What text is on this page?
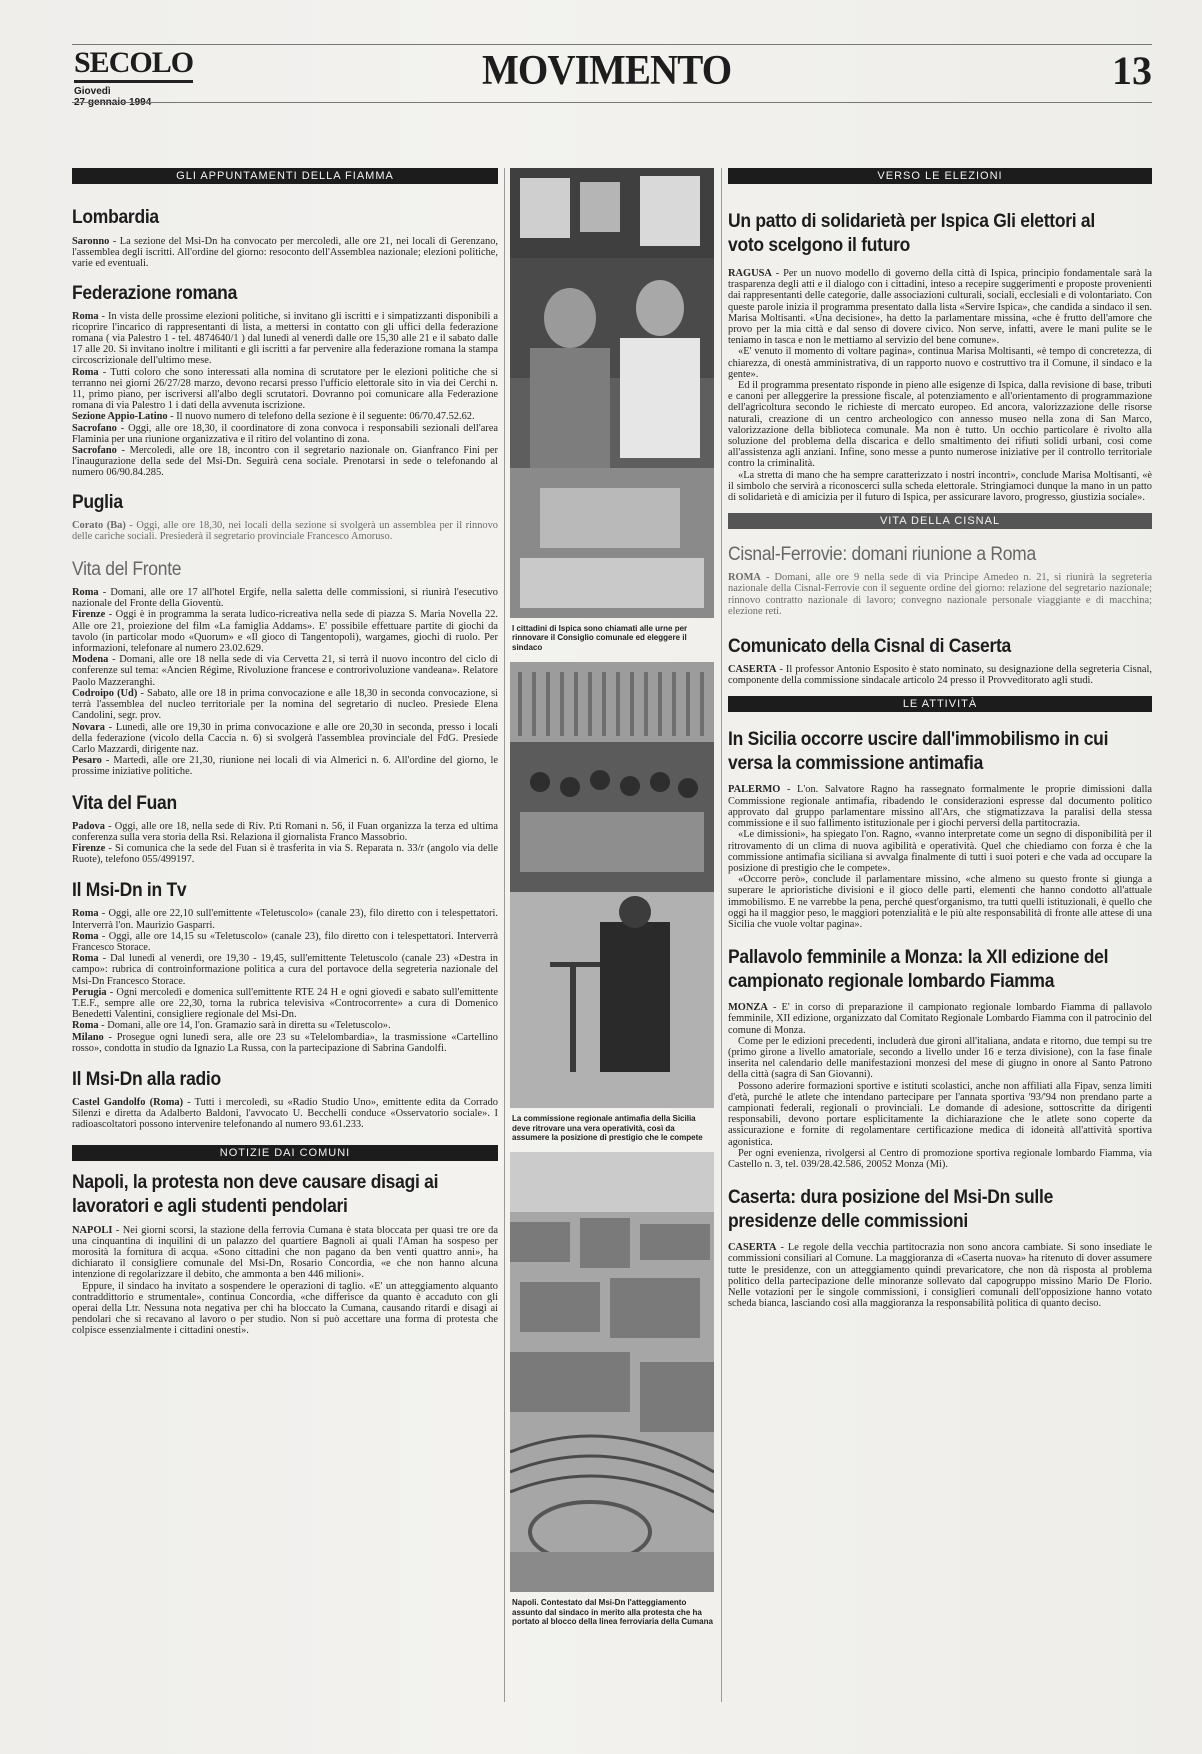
SECOLO
Giovedì	MOVIMENTO	13
GLI APPUNTAMENTI DELLA FIAMMA
Lombardia

Saronno - La sezione del Msi-Dn ha convocato per mercoledì, alle ore 21, nei locali di Gerenzano, l'assemblea degli iscritti. All'ordine del giorno: resoconto dell'Assemblea nazionale; elezioni politiche, varie ed eventuali.

Federazione romana

Roma - In vista delle prossime elezioni politiche, si invitano gli iscritti e i simpatizzanti disponibili a ricoprire l'incarico di rappresentanti di lista, a mettersi in contatto con gli uffici della federazione romana ( via Palestro 1 - tel. 4874640/1 ) dal lunedì al venerdì dalle ore 15,30 alle 21 e il sabato dalle 17 alle 20. Si invitano inoltre i militanti e gli iscritti a far pervenire alla federazione romana la stampa circoscrizionale dell'ultimo mese.

Roma - Tutti coloro che sono interessati alla nomina di scrutatore per le elezioni politiche che si terranno nei giorni 26/27/28 marzo, devono recarsi presso l'ufficio elettorale sito in via dei Cerchi n. 11, primo piano, per iscriversi all'albo degli scrutatori. Dovranno poi comunicare alla Federazione romana di via Palestro 1 i dati della avvenuta iscrizione.

Sezione Appio-Latino - Il nuovo numero di telefono della sezione è il seguente: 06/70.47.52.62.

Sacrofano - Oggi, alle ore 18,30, il coordinatore di zona convoca i responsabili sezionali dell'area Flaminia per una riunione organizzativa e il ritiro del volantino di zona.

Sacrofano - Mercoledì, alle ore 18, incontro con il segretario nazionale on. Gianfranco Fini per l'inaugurazione della sede del Msi-Dn. Seguirà cena sociale. Prenotarsi in sede o telefonando al numero 06/90.84.285.

Puglia

Corato (Ba) - Oggi, alle ore 18,30, nei locali della sezione si svolgerà un assemblea per il rinnovo delle cariche sociali. Presiederà il segretario provinciale Francesco Amoruso.

Vita del Fronte

Roma - Domani, alle ore 17 all'hotel Ergife, nella saletta delle commissioni, si riunirà l'esecutivo nazionale del Fronte della Gioventù.

Firenze - Oggi è in programma la serata ludico-ricreativa nella sede di piazza S. Maria Novella 22. Alle ore 21, proiezione del film «La famiglia Addams». E' possibile effettuare partite di giochi da tavolo (in particolar modo «Quorum» e «Il gioco di Tangentopoli), wargames, giochi di ruolo. Per informazioni, telefonare al numero 23.02.629.

Modena - Domani, alle ore 18 nella sede di via Cervetta 21, si terrà il nuovo incontro del ciclo di conferenze sul tema: «Ancien Régime, Rivoluzione francese e controrivoluzione vandeana». Relatore Paolo Mazzeranghi.

Codroipo (Ud) - Sabato, alle ore 18 in prima convocazione e alle 18,30 in seconda convocazione, si terrà l'assemblea del nucleo territoriale per la nomina del segretario di nucleo. Presiede Elena Candolini, segr. prov.

Novara - Lunedì, alle ore 19,30 in prima convocazione e alle ore 20,30 in seconda, presso i locali della federazione (vicolo della Caccia n. 6) si svolgerà l'assemblea provinciale del FdG. Presiede Carlo Mazzardi, dirigente naz.

Pesaro - Martedì, alle ore 21,30, riunione nei locali di via Almerici n. 6. All'ordine del giorno, le prossime iniziative politiche.

Vita del Fuan

Padova - Oggi, alle ore 18, nella sede di Riv. P.ti Romani n. 56, il Fuan organizza la terza ed ultima conferenza sulla vera storia della Rsi. Relaziona il giornalista Franco Massobrio.

Firenze - Si comunica che la sede del Fuan si è trasferita in via S. Reparata n. 33/r (angolo via delle Ruote), telefono 055/499197.

Il Msi-Dn in Tv

Roma - Oggi, alle ore 22,10 sull'emittente «Teletuscolo» (canale 23), filo diretto con i telespettatori. Interverrà l'on. Maurizio Gasparri.

Roma - Oggi, alle ore 14,15 su «Teletuscolo» (canale 23), filo diretto con i telespettatori. Interverrà Francesco Storace.

Roma - Dal lunedì al venerdì, ore 19,30 - 19,45, sull'emittente Teletuscolo (canale 23) «Destra in campo»: rubrica di controinformazione politica a cura del portavoce della segreteria nazionale del Msi-Dn Francesco Storace.

Perugia - Ogni mercoledì e domenica sull'emittente RTE 24 H e ogni giovedì e sabato sull'emittente T.E.F., sempre alle ore 22,30, torna la rubrica televisiva «Controcorrente» a cura di Domenico Benedetti Valentini, consigliere regionale del Msi-Dn.

Roma - Domani, alle ore 14, l'on. Gramazio sarà in diretta su «Teletuscolo».

Milano - Prosegue ogni lunedì sera, alle ore 23 su «Telelombardia», la trasmissione «Cartellino rosso», condotta in studio da Ignazio La Russa, con la partecipazione di Sabrina Gandolfi.

Il Msi-Dn alla radio

Castel Gandolfo (Roma) - Tutti i mercoledì, su «Radio Studio Uno», emittente edita da Corrado Silenzi e diretta da Adalberto Baldoni, l'avvocato U. Becchelli conduce «Osservatorio sociale». I radioascoltatori possono intervenire telefonando al numero 93.61.233.

NOTIZIE DAI COMUNI
Napoli, la protesta non deve causare disagi ai lavoratori e agli studenti pendolari

NAPOLI - Nei giorni scorsi, la stazione della ferrovia Cumana è stata bloccata per quasi tre ore da una cinquantina di inquilini di un palazzo del quartiere Bagnoli ai quali l'Aman ha sospeso per morosità la fornitura di acqua. «Sono cittadini che non pagano da ben venti quattro anni», ha dichiarato il consigliere comunale del Msi-Dn, Rosario Concordia, «e che non hanno alcuna intenzione di regolarizzare il debito, che ammonta a ben 446 milioni».

Eppure, il sindaco ha invitato a sospendere le operazioni di taglio. «E' un atteggiamento alquanto contraddittorio e strumentale», continua Concordia, «che differisce da quanto è accaduto con gli operai della Ltr. Nessuna nota negativa per chi ha bloccato la Cumana, causando ritardi e disagi ai pendolari che si recavano al lavoro o per studio. Non si può accettare una forma di protesta che colpisce essenzialmente i cittadini onesti».

I cittadini di Ispica sono chiamati alle urne per rinnovare il Consiglio comunale ed eleggere il sindaco
La commissione regionale antimafia della Sicilia deve ritrovare una vera operatività, così da assumere la posizione di prestigio che le compete
Napoli. Contestato dal Msi-Dn l'atteggiamento assunto dal sindaco in merito alla protesta che ha portato al blocco della linea ferroviaria della Cumana
VERSO LE ELEZIONI
Un patto di solidarietà per Ispica Gli elettori al voto scelgono il futuro

RAGUSA - Per un nuovo modello di governo della città di Ispica, principio fondamentale sarà la trasparenza degli atti e il dialogo con i cittadini, inteso a recepire suggerimenti e proposte provenienti dai rappresentanti delle categorie, dalle associazioni culturali, sociali, ecclesiali e di volontariato. Con queste parole inizia il programma presentato dalla lista «Servire Ispica», che candida a sindaco il sen. Marisa Moltisanti. «Una decisione», ha detto la parlamentare missina, «che è frutto dell'amore che provo per la mia città e dal senso di dovere civico. Non serve, infatti, avere le mani pulite se le teniamo in tasca e non le mettiamo al servizio del bene comune».

«E' venuto il momento di voltare pagina», continua Marisa Moltisanti, «è tempo di concretezza, di chiarezza, di onestà amministrativa, di un rapporto nuovo e costruttivo tra il Comune, il sindaco e la gente».

Ed il programma presentato risponde in pieno alle esigenze di Ispica, dalla revisione di base, tributi e canoni per alleggerire la pressione fiscale, al potenziamento e all'orientamento di programmazione dell'agricoltura secondo le richieste di mercato europeo. Ed ancora, valorizzazione delle risorse naturali, creazione di un centro archeologico con annesso museo nella zona di San Marco, valorizzazione della biblioteca comunale. Ma non è tutto. Un occhio particolare è rivolto alla soluzione del problema della discarica e dello smaltimento dei rifiuti solidi urbani, così come all'assistenza agli anziani. Infine, sono messe a punto numerose iniziative per il controllo territoriale contro la criminalità.

«La stretta di mano che ha sempre caratterizzato i nostri incontri», conclude Marisa Moltisanti, «è il simbolo che servirà a riconoscerci sulla scheda elettorale. Stringiamoci dunque la mano in un patto di solidarietà e di amicizia per il futuro di Ispica, per assicurare lavoro, progresso, giustizia sociale».

VITA DELLA CISNAL
Cisnal-Ferrovie: domani riunione a Roma

ROMA - Domani, alle ore 9 nella sede di via Principe Amedeo n. 21, si riunirà la segreteria nazionale della Cisnal-Ferrovie con il seguente ordine del giorno: relazione del segretario nazionale; rinnovo contratto nazionale di lavoro; convegno nazionale personale viaggiante e di macchina; elezione reti.

Comunicato della Cisnal di Caserta

CASERTA - Il professor Antonio Esposito è stato nominato, su designazione della segreteria Cisnal, componente della commissione sindacale articolo 24 presso il Provveditorato agli studi.

LE ATTIVITÀ
In Sicilia occorre uscire dall'immobilismo in cui versa la commissione antimafia

PALERMO - L'on. Salvatore Ragno ha rassegnato formalmente le proprie dimissioni dalla Commissione regionale antimafia, ribadendo le considerazioni espresse dal documento politico approvato dal gruppo parlamentare missino all'Ars, che stigmatizzava la paralisi della stessa commissione e il suo fallimento istituzionale per i giochi perversi della partitocrazia.

«Le dimissioni», ha spiegato l'on. Ragno, «vanno interpretate come un segno di disponibilità per il ritrovamento di un clima di nuova agibilità e operatività. Quel che chiediamo con forza è che la commissione antimafia siciliana si avvalga finalmente di tutti i suoi poteri e che vada ad occupare la posizione di prestigio che le compete».

«Occorre però», conclude il parlamentare missino, «che almeno su questo fronte si giunga a superare le aprioristiche divisioni e il gioco delle parti, elementi che hanno condotto all'attuale immobilismo. E ne varrebbe la pena, perché quest'organismo, tra tutti quelli istituzionali, è quello che oggi ha il maggior peso, le maggiori potenzialità e le più alte responsabilità di fronte alle attese di una Sicilia che vuole voltar pagina».

Pallavolo femminile a Monza: la XII edizione del campionato regionale lombardo Fiamma

MONZA - E' in corso di preparazione il campionato regionale lombardo Fiamma di pallavolo femminile, XII edizione, organizzato dal Comitato Regionale Lombardo Fiamma con il patrocinio del comune di Monza.

Come per le edizioni precedenti, includerà due gironi all'italiana, andata e ritorno, due tempi su tre (primo girone a livello amatoriale, secondo a livello under 16 e terza divisione), con la fase finale inserita nel calendario delle manifestazioni monzesi del mese di giugno in onore al Santo Patrono della città (sagra di San Giovanni).

Possono aderire formazioni sportive e istituti scolastici, anche non affiliati alla Fipav, senza limiti d'età, purché le atlete che intendano partecipare per l'annata sportiva '93/'94 non prendano parte a campionati federali, regionali o provinciali. Le domande di adesione, sottoscritte da dirigenti responsabili, devono portare esplicitamente la dichiarazione che le atlete sono coperte da assicurazione e fornite di regolamentare certificazione medica di idoneità all'attività sportiva agonistica.

Per ogni evenienza, rivolgersi al Centro di promozione sportiva regionale lombardo Fiamma, via Castello n. 3, tel. 039/28.42.586, 20052 Monza (Mi).

Caserta: dura posizione del Msi-Dn sulle presidenze delle commissioni

CASERTA - Le regole della vecchia partitocrazia non sono ancora cambiate. Si sono insediate le commissioni consiliari al Comune. La maggioranza di «Caserta nuova» ha ritenuto di dover assumere tutte le presidenze, con un atteggiamento quindi prevaricatore, che non dà risposta al problema politico della partecipazione delle minoranze sollevato dal capogruppo missino Mario De Florio. Nelle votazioni per le singole commissioni, i consiglieri comunali dell'opposizione hanno votato scheda bianca, lasciando così alla maggioranza la responsabilità politica di quanto deciso.
